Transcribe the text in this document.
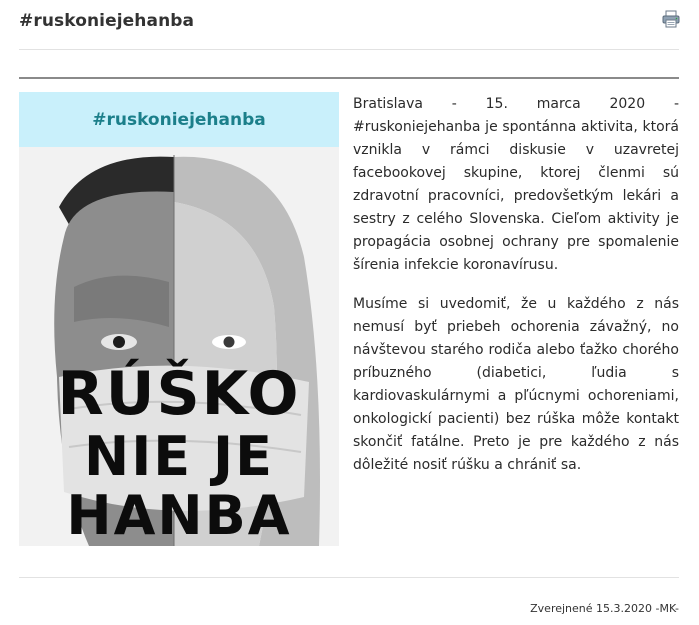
#ruskoniejehanba
#ruskoniejehanba
RÚŠKO
NIE JE
HANBA

Bratislava - 15. marca 2020 - #ruskoniejehanba je spontánna aktivita, ktorá vznikla v rámci diskusie v uzavretej facebookovej skupine, ktorej členmi sú zdravotní pracovníci, predovšetkým lekári a sestry z celého Slovenska. Cieľom aktivity je propagácia osobnej ochrany pre spomalenie šírenia infekcie koronavírusu.

Musíme si uvedomiť, že u každého z nás nemusí byť priebeh ochorenia závažný, no návštevou starého rodiča alebo ťažko chorého príbuzného (diabetici, ľudia s kardiovaskulárnymi a pľúcnymi ochoreniami, onkologickí pacienti) bez rúška môže kontakt skončiť fatálne. Preto je pre každého z nás dôležité nosiť rúšku a chrániť sa.

Zverejnené 15.3.2020 -MK-
